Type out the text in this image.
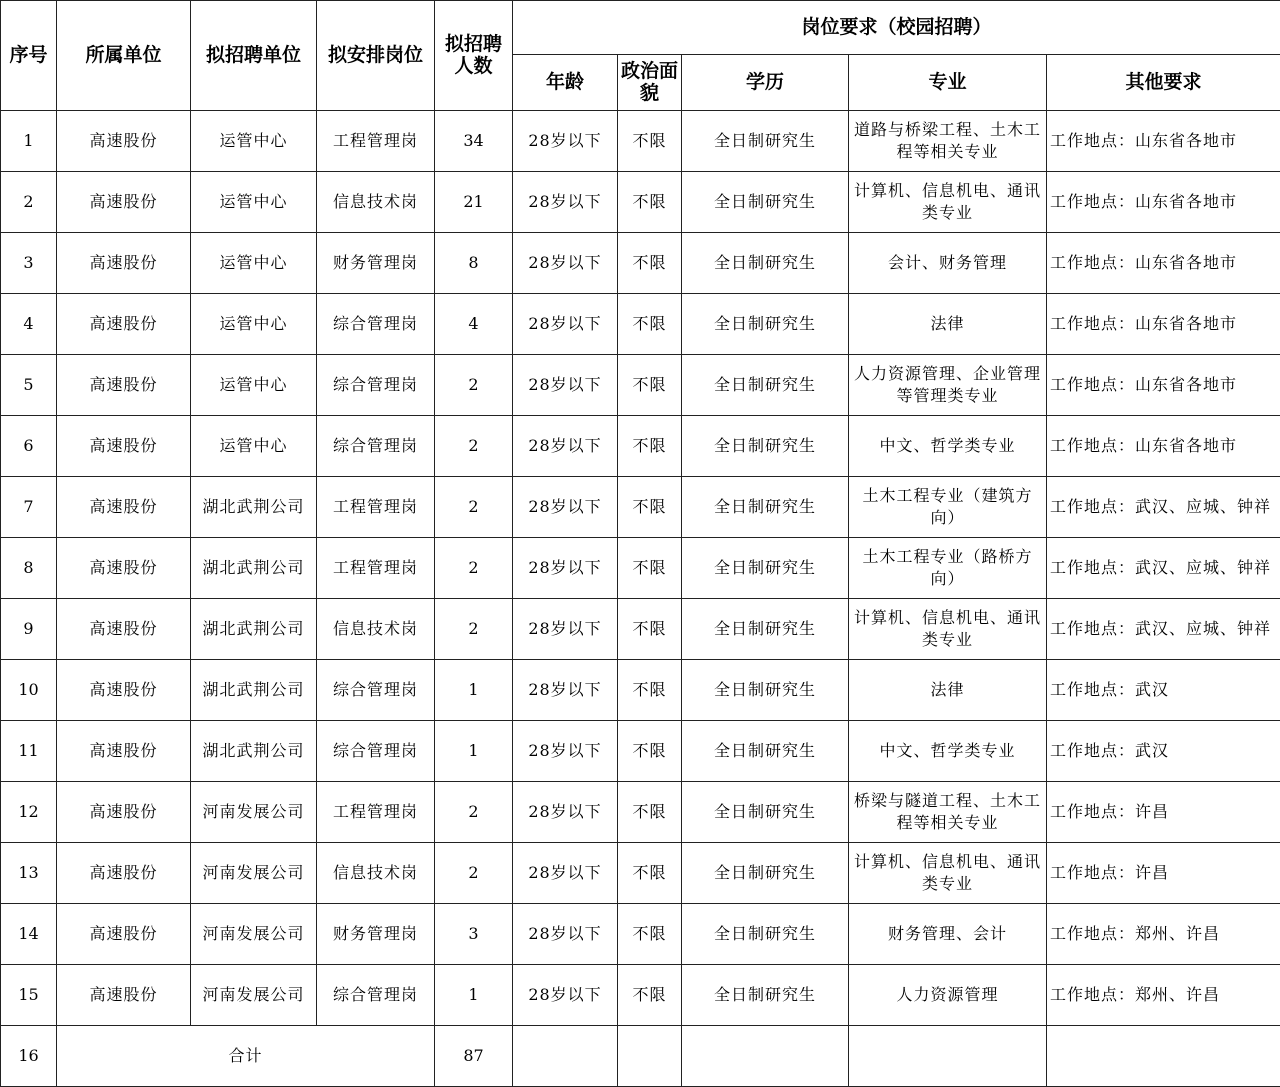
序号	所属单位	拟招聘单位	拟安排岗位	拟招聘人数	岗位要求（校园招聘）				
					年龄	政治面貌	学历	专业	其他要求
1	高速股份	运管中心	工程管理岗	34	28岁以下	不限	全日制研究生	道路与桥梁工程、土木工程等相关专业	工作地点：山东省各地市
2	高速股份	运管中心	信息技术岗	21	28岁以下	不限	全日制研究生	计算机、信息机电、通讯类专业	工作地点：山东省各地市
3	高速股份	运管中心	财务管理岗	8	28岁以下	不限	全日制研究生	会计、财务管理	工作地点：山东省各地市
4	高速股份	运管中心	综合管理岗	4	28岁以下	不限	全日制研究生	法律	工作地点：山东省各地市
5	高速股份	运管中心	综合管理岗	2	28岁以下	不限	全日制研究生	人力资源管理、企业管理等管理类专业	工作地点：山东省各地市
6	高速股份	运管中心	综合管理岗	2	28岁以下	不限	全日制研究生	中文、哲学类专业	工作地点：山东省各地市
7	高速股份	湖北武荆公司	工程管理岗	2	28岁以下	不限	全日制研究生	土木工程专业（建筑方向）	工作地点：武汉、应城、钟祥
8	高速股份	湖北武荆公司	工程管理岗	2	28岁以下	不限	全日制研究生	土木工程专业（路桥方向）	工作地点：武汉、应城、钟祥
9	高速股份	湖北武荆公司	信息技术岗	2	28岁以下	不限	全日制研究生	计算机、信息机电、通讯类专业	工作地点：武汉、应城、钟祥
10	高速股份	湖北武荆公司	综合管理岗	1	28岁以下	不限	全日制研究生	法律	工作地点：武汉
11	高速股份	湖北武荆公司	综合管理岗	1	28岁以下	不限	全日制研究生	中文、哲学类专业	工作地点：武汉
12	高速股份	河南发展公司	工程管理岗	2	28岁以下	不限	全日制研究生	桥梁与隧道工程、土木工程等相关专业	工作地点：许昌
13	高速股份	河南发展公司	信息技术岗	2	28岁以下	不限	全日制研究生	计算机、信息机电、通讯类专业	工作地点：许昌
14	高速股份	河南发展公司	财务管理岗	3	28岁以下	不限	全日制研究生	财务管理、会计	工作地点：郑州、许昌
15	高速股份	河南发展公司	综合管理岗	1	28岁以下	不限	全日制研究生	人力资源管理	工作地点：郑州、许昌
16	合计			87					
